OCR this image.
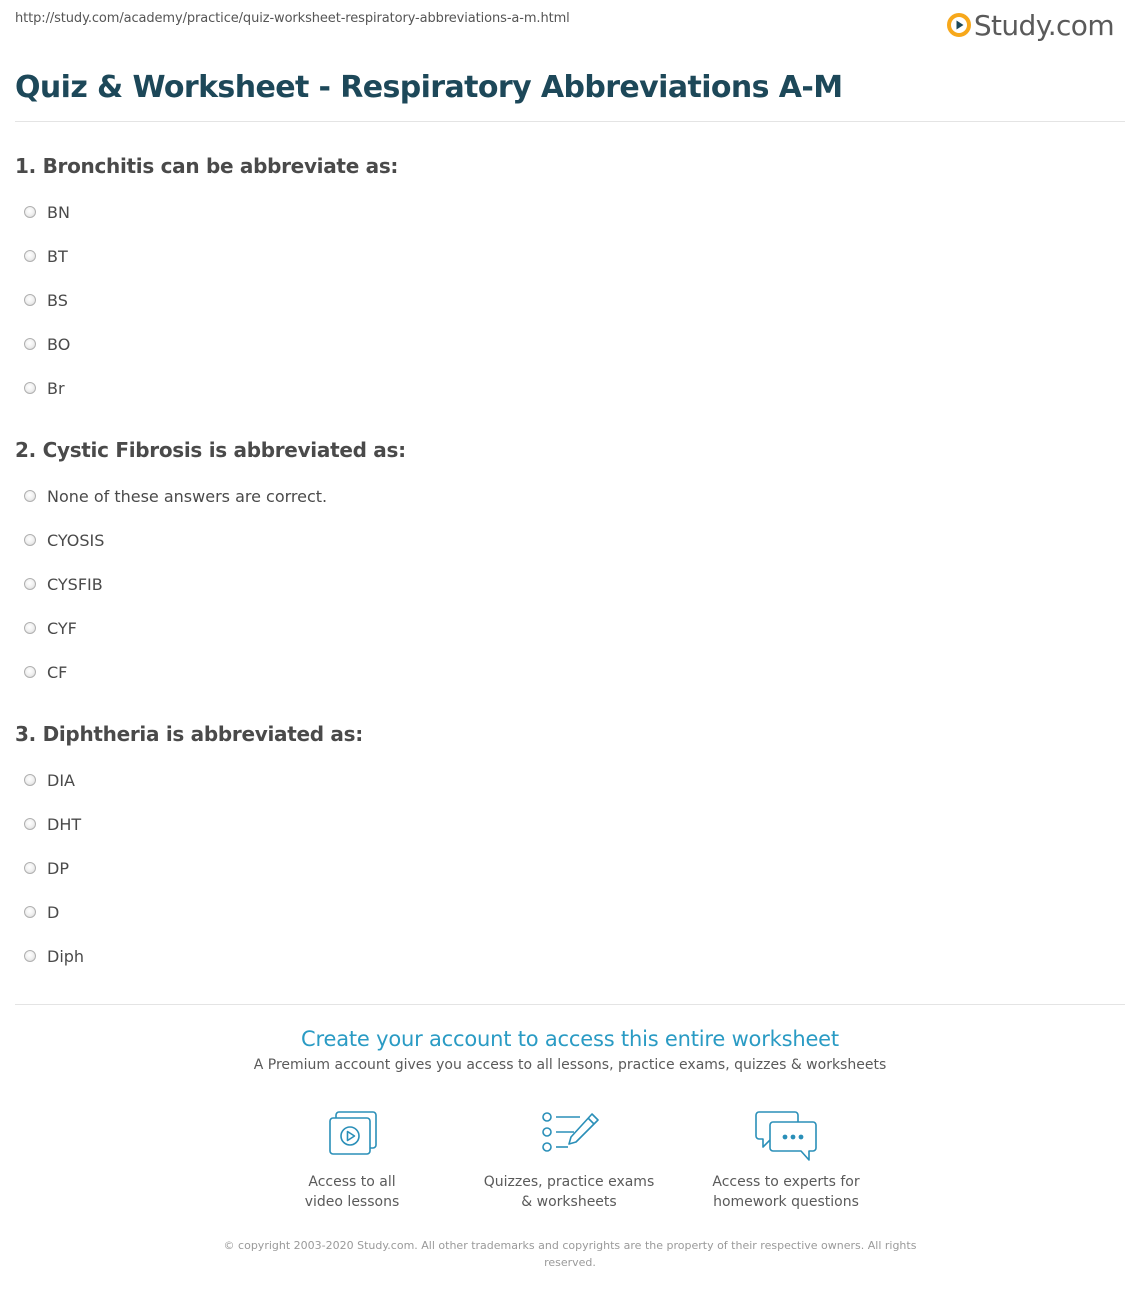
http://study.com/academy/practice/quiz-worksheet-respiratory-abbreviations-a-m.html	Study.com
Quiz & Worksheet - Respiratory Abbreviations A-M
1. Bronchitis can be abbreviate as:
BN
BT
BS
BO
Br
2. Cystic Fibrosis is abbreviated as:
None of these answers are correct.
CYOSIS
CYSFIB
CYF
CF
3. Diphtheria is abbreviated as:
DIA
DHT
DP
D
Diph
Create your account to access this entire worksheet
A Premium account gives you access to all lessons, practice exams, quizzes & worksheets
Access to all
video lessons
Quizzes, practice exams
& worksheets
Access to experts for
homework questions
© copyright 2003-2020 Study.com. All other trademarks and copyrights are the property of their respective owners. All rights
reserved.
